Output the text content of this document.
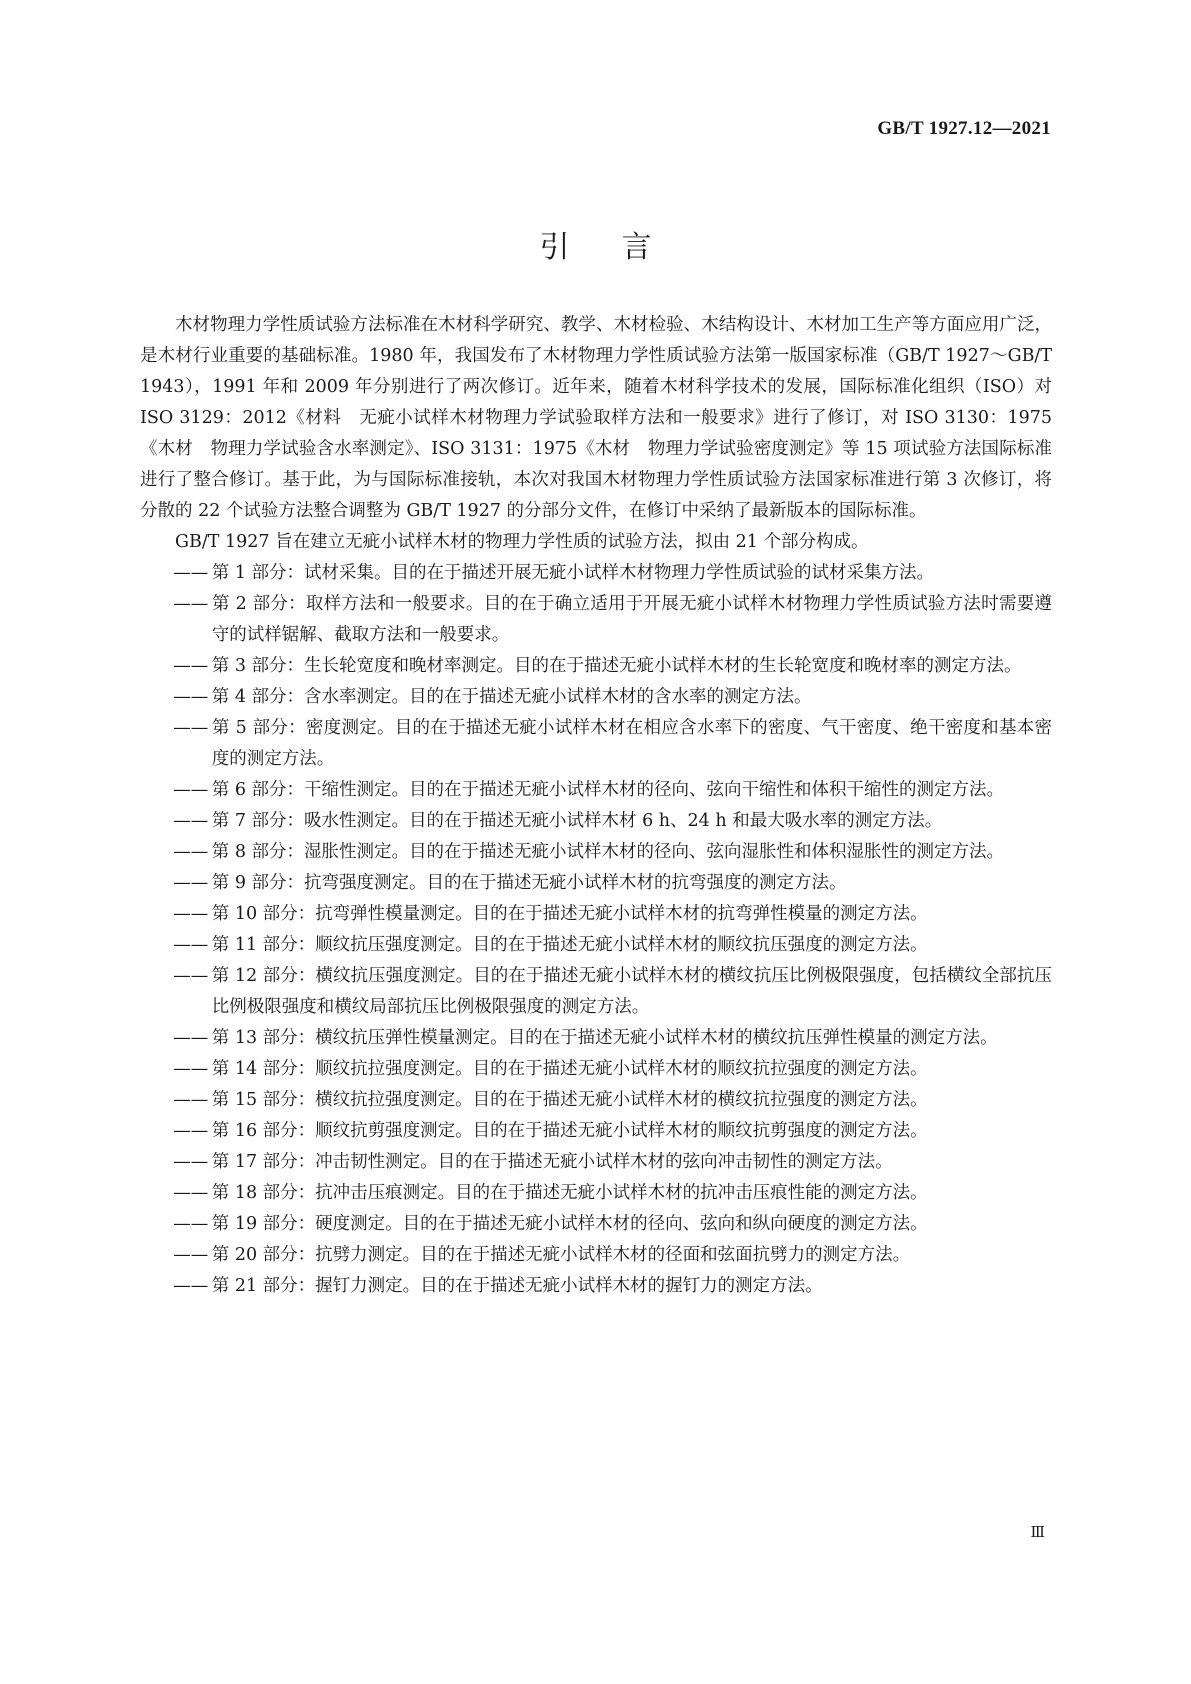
GB/T 1927.12—2021
引言

木材物理力学性质试验方法标准在木材科学研究、教学、木材检验、木结构设计、木材加工生产等方面应用广泛，是木材行业重要的基础标准。1980 年，我国发布了木材物理力学性质试验方法第一版国家标准（GB/T 1927～GB/T 1943），1991 年和 2009 年分别进行了两次修订。近年来，随着木材科学技术的发展，国际标准化组织（ISO）对 ISO 3129：2012《材料　无疵小试样木材物理力学试验取样方法和一般要求》进行了修订，对 ISO 3130：1975《木材　物理力学试验含水率测定》、ISO 3131：1975《木材　物理力学试验密度测定》等 15 项试验方法国际标准进行了整合修订。基于此，为与国际标准接轨，本次对我国木材物理力学性质试验方法国家标准进行第 3 次修订，将分散的 22 个试验方法整合调整为 GB/T 1927 的分部分文件，在修订中采纳了最新版本的国际标准。

GB/T 1927 旨在建立无疵小试样木材的物理力学性质的试验方法，拟由 21 个部分构成。

—— 第 1 部分：试材采集。目的在于描述开展无疵小试样木材物理力学性质试验的试材采集方法。
—— 第 2 部分：取样方法和一般要求。目的在于确立适用于开展无疵小试样木材物理力学性质试验方法时需要遵守的试样锯解、截取方法和一般要求。
—— 第 3 部分：生长轮宽度和晚材率测定。目的在于描述无疵小试样木材的生长轮宽度和晚材率的测定方法。
—— 第 4 部分：含水率测定。目的在于描述无疵小试样木材的含水率的测定方法。
—— 第 5 部分：密度测定。目的在于描述无疵小试样木材在相应含水率下的密度、气干密度、绝干密度和基本密度的测定方法。
—— 第 6 部分：干缩性测定。目的在于描述无疵小试样木材的径向、弦向干缩性和体积干缩性的测定方法。
—— 第 7 部分：吸水性测定。目的在于描述无疵小试样木材 6 h、24 h 和最大吸水率的测定方法。
—— 第 8 部分：湿胀性测定。目的在于描述无疵小试样木材的径向、弦向湿胀性和体积湿胀性的测定方法。
—— 第 9 部分：抗弯强度测定。目的在于描述无疵小试样木材的抗弯强度的测定方法。
—— 第 10 部分：抗弯弹性模量测定。目的在于描述无疵小试样木材的抗弯弹性模量的测定方法。
—— 第 11 部分：顺纹抗压强度测定。目的在于描述无疵小试样木材的顺纹抗压强度的测定方法。
—— 第 12 部分：横纹抗压强度测定。目的在于描述无疵小试样木材的横纹抗压比例极限强度，包括横纹全部抗压比例极限强度和横纹局部抗压比例极限强度的测定方法。
—— 第 13 部分：横纹抗压弹性模量测定。目的在于描述无疵小试样木材的横纹抗压弹性模量的测定方法。
—— 第 14 部分：顺纹抗拉强度测定。目的在于描述无疵小试样木材的顺纹抗拉强度的测定方法。
—— 第 15 部分：横纹抗拉强度测定。目的在于描述无疵小试样木材的横纹抗拉强度的测定方法。
—— 第 16 部分：顺纹抗剪强度测定。目的在于描述无疵小试样木材的顺纹抗剪强度的测定方法。
—— 第 17 部分：冲击韧性测定。目的在于描述无疵小试样木材的弦向冲击韧性的测定方法。
—— 第 18 部分：抗冲击压痕测定。目的在于描述无疵小试样木材的抗冲击压痕性能的测定方法。
—— 第 19 部分：硬度测定。目的在于描述无疵小试样木材的径向、弦向和纵向硬度的测定方法。
—— 第 20 部分：抗劈力测定。目的在于描述无疵小试样木材的径面和弦面抗劈力的测定方法。
—— 第 21 部分：握钉力测定。目的在于描述无疵小试样木材的握钉力的测定方法。
Ⅲ
